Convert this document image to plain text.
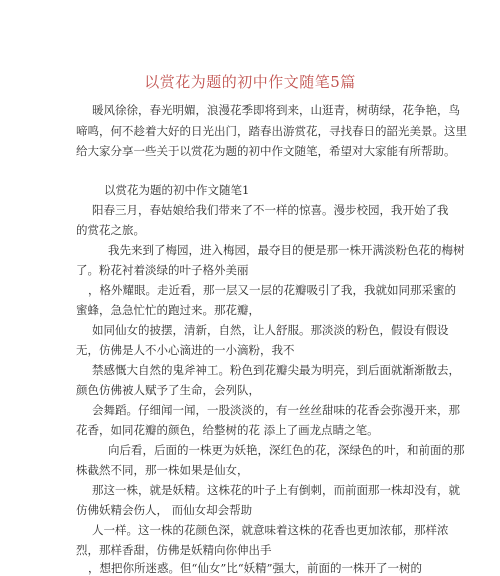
以赏花为题的初中作文随笔5篇
暖风徐徐，春光明媚，浪漫花季即将到来，山逛青，树萌绿，花争艳，鸟
啼鸣，何不趁着大好的日光出门，踏春出游赏花，寻找春日的韶光美景。这里
给大家分享一些关于以赏花为题的初中作文随笔，希望对大家能有所帮助。
以赏花为题的初中作文随笔1
阳春三月，春姑娘给我们带来了不一样的惊喜。漫步校园，我开始了我
的赏花之旅。
我先来到了梅园，进入梅园，最夺目的便是那一株开满淡粉色花的梅树
了。粉花衬着淡绿的叶子格外美丽
，格外耀眼。走近看，那一层又一层的花瓣吸引了我，我就如同那采蜜的
蜜蜂，急急忙忙的跑过来。那花瓣，
如同仙女的披摆，清新，自然，让人舒服。那淡淡的粉色，假设有假设
无，仿佛是人不小心滴进的一小滴粉，我不
禁感慨大自然的鬼斧神工。粉色到花瓣尖最为明亮，到后面就渐渐散去，
颜色仿佛被人赋予了生命，会列队，
会舞蹈。仔细闻一闻，一股淡淡的，有一丝丝甜味的花香会弥漫开来，那
花香，如同花瓣的颜色，给整树的花 添上了画龙点睛之笔。
向后看，后面的一株更为妖艳，深红色的花，深绿色的叶，和前面的那
株截然不同，那一株如果是仙女，
那这一株，就是妖精。这株花的叶子上有倒刺，而前面那一株却没有，就
仿佛妖精会伤人， 而仙女却会帮助
人一样。这一株的花颜色深，就意味着这株的花香也更加浓郁，那样浓
烈，那样香甜，仿佛是妖精向你伸出手
，想把你所迷惑。但“仙女”比“妖精”强大，前面的一株开了一树的
